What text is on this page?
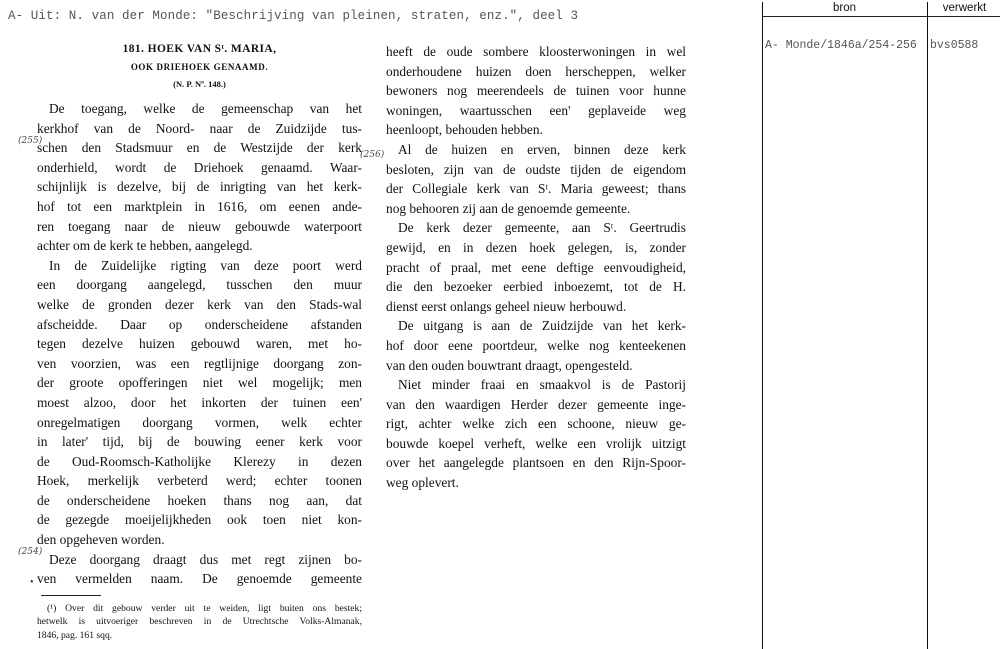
A- Uit: N. van der Monde: "Beschrijving van pleinen, straten, enz.", deel 3
181. HOEK VAN Sᵗ. MARIA,
OOK DRIEHOEK GENAAMD.
(N. P. Nº. 148.)
De toegang, welke de gemeenschap van het
kerkhof van de Noord- naar de Zuidzijde tus-
schen den Stadsmuur en de Westzijde der kerk
onderhield, wordt de Driehoek genaamd. Waar-
schijnlijk is dezelve, bij de inrigting van het kerk-
hof tot een marktplein in 1616, om eenen ande-
ren toegang naar de nieuw gebouwde waterpoort
achter om de kerk te hebben, aangelegd.
In de Zuidelijke rigting van deze poort werd
een doorgang aangelegd, tusschen den muur
welke de gronden dezer kerk van den Stads-wal
afscheidde. Daar op onderscheidene afstanden
tegen dezelve huizen gebouwd waren, met ho-
ven voorzien, was een regtlijnige doorgang zon-
der groote opofferingen niet wel mogelijk; men
moest alzoo, door het inkorten der tuinen een'
onregelmatigen doorgang vormen, welk echter
in later' tijd, bij de bouwing eener kerk voor
de Oud-Roomsch-Katholijke Klerezy in dezen
Hoek, merkelijk verbeterd werd; echter toonen
de onderscheidene hoeken thans nog aan, dat
de gezegde moeijelijkheden ook toen niet kon-
den opgeheven worden.
Deze doorgang draagt dus met regt zijnen bo-
ven vermelden naam. De genoemde gemeente
(¹) Over dit gebouw verder uit te weiden, ligt buiten ons bestek;
hetwelk is uitvoeriger beschreven in de Utrechtsche Volks-Almanak,
1846, pag. 161 sqq.
heeft de oude sombere kloosterwoningen in wel
onderhoudene huizen doen herscheppen, welker
bewoners nog meerendeels de tuinen voor hunne
woningen, waartusschen een' geplaveide weg
heenloopt, behouden hebben.
Al de huizen en erven, binnen deze kerk
besloten, zijn van de oudste tijden de eigendom
der Collegiale kerk van Sᵗ. Maria geweest; thans
nog behooren zij aan de genoemde gemeente.
De kerk dezer gemeente, aan Sᵗ. Geertrudis
gewijd, en in dezen hoek gelegen, is, zonder
pracht of praal, met eene deftige eenvoudigheid,
die den bezoeker eerbied inboezemt, tot de H.
dienst eerst onlangs geheel nieuw herbouwd.
De uitgang is aan de Zuidzijde van het kerk-
hof door eene poortdeur, welke nog kenteekenen
van den ouden bouwtrant draagt, opengesteld.
Niet minder fraai en smaakvol is de Pastorij
van den waardigen Herder dezer gemeente inge-
rigt, achter welke zich een schoone, nieuw ge-
bouwde koepel verheft, welke een vrolijk uitzigt
over het aangelegde plantsoen en den Rijn-Spoor-
weg oplevert.
(255)
(256)
(254)
•
bron	verwerkt
A- Monde/1846a/254-256 bvs0588
